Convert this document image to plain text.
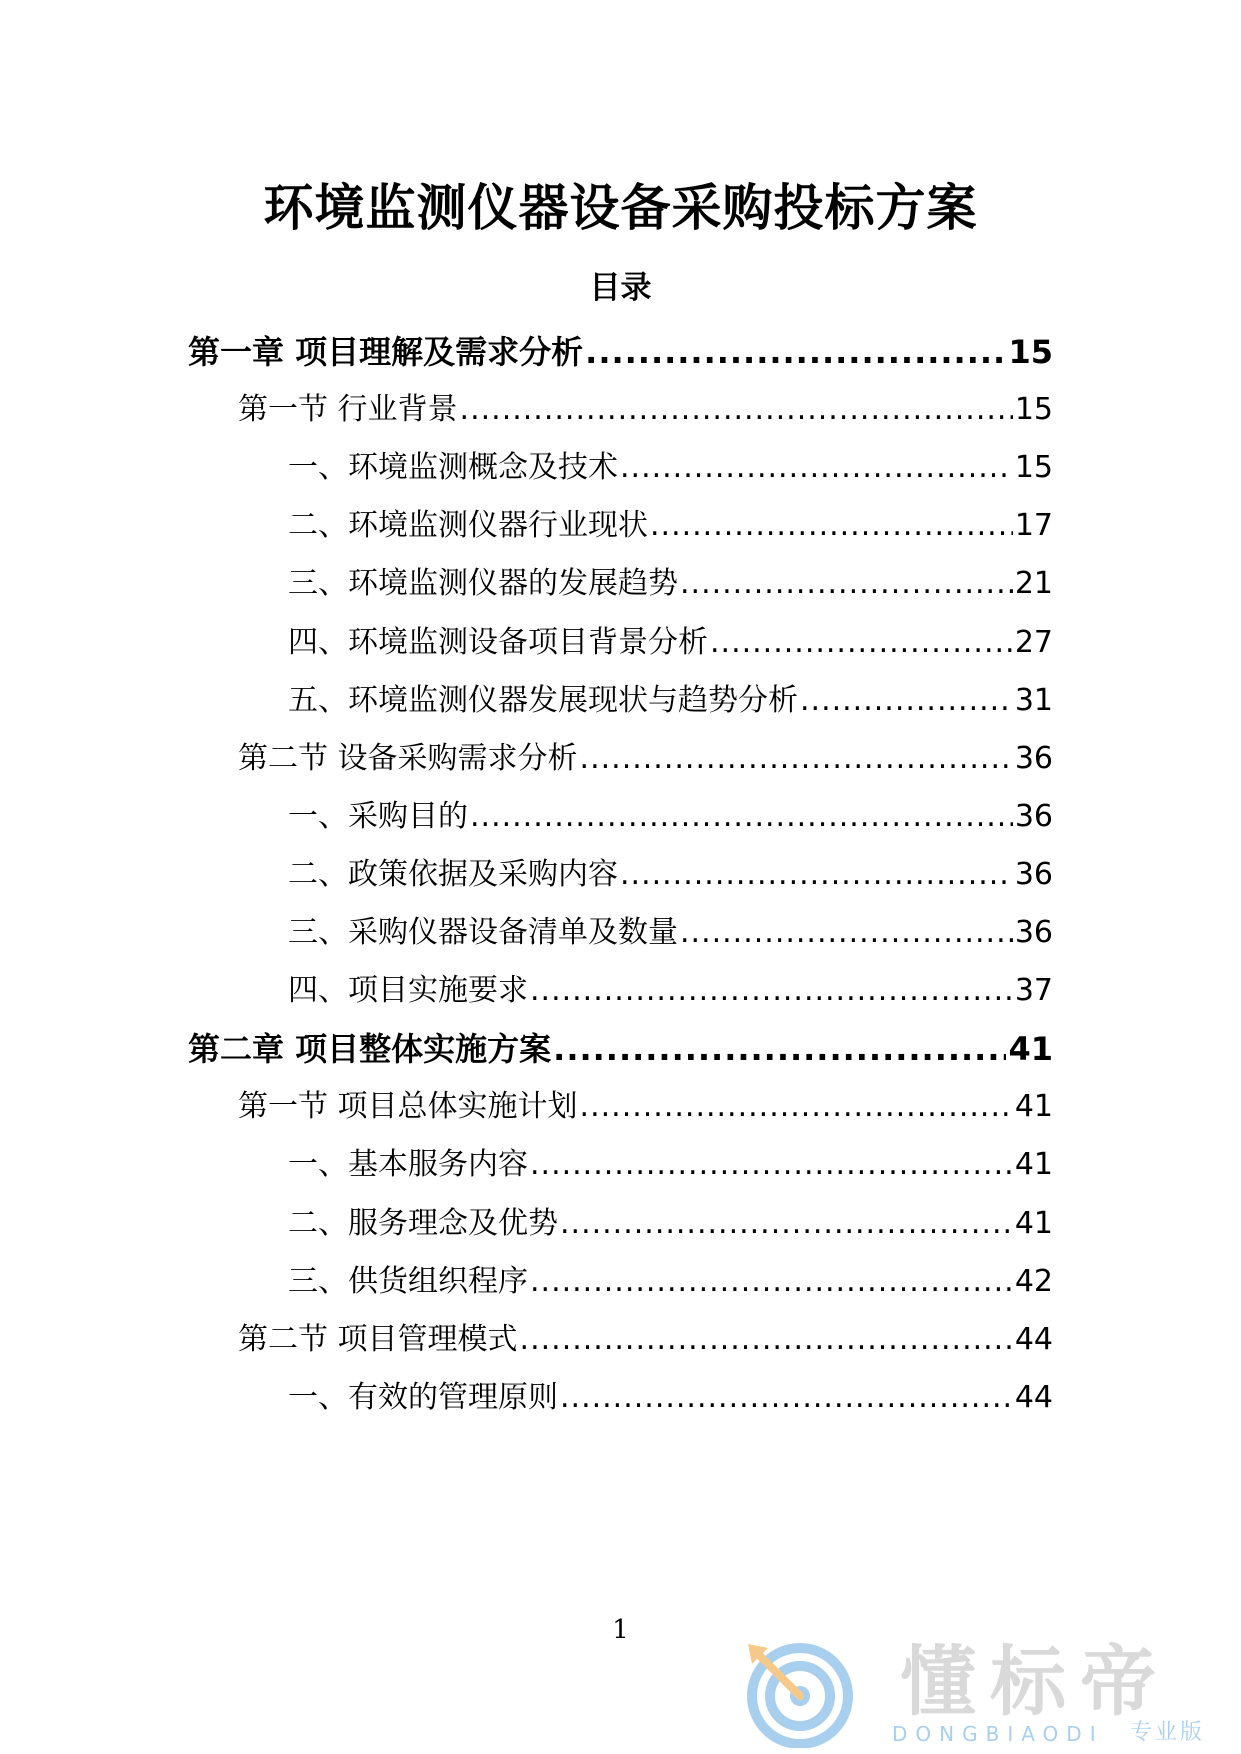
环境监测仪器设备采购投标方案
目录
第一章 项目理解及需求分析 .....	15
第一节 行业背景 .....	15
一、环境监测概念及技术 .....	15
二、环境监测仪器行业现状 .....	17
三、环境监测仪器的发展趋势 .....	21
四、环境监测设备项目背景分析 .....	27
五、环境监测仪器发展现状与趋势分析 .....	31
第二节 设备采购需求分析 .....	36
一、采购目的 .....	36
二、政策依据及采购内容 .....	36
三、采购仪器设备清单及数量 .....	36
四、项目实施要求 .....	37
第二章 项目整体实施方案 .....	41
第一节 项目总体实施计划 .....	41
一、基本服务内容 .....	41
二、服务理念及优势 .....	41
三、供货组织程序 .....	42
第二节 项目管理模式 .....	44
一、有效的管理原则 .....	44
1
懂标帝
DONGBIAODI 专业版
